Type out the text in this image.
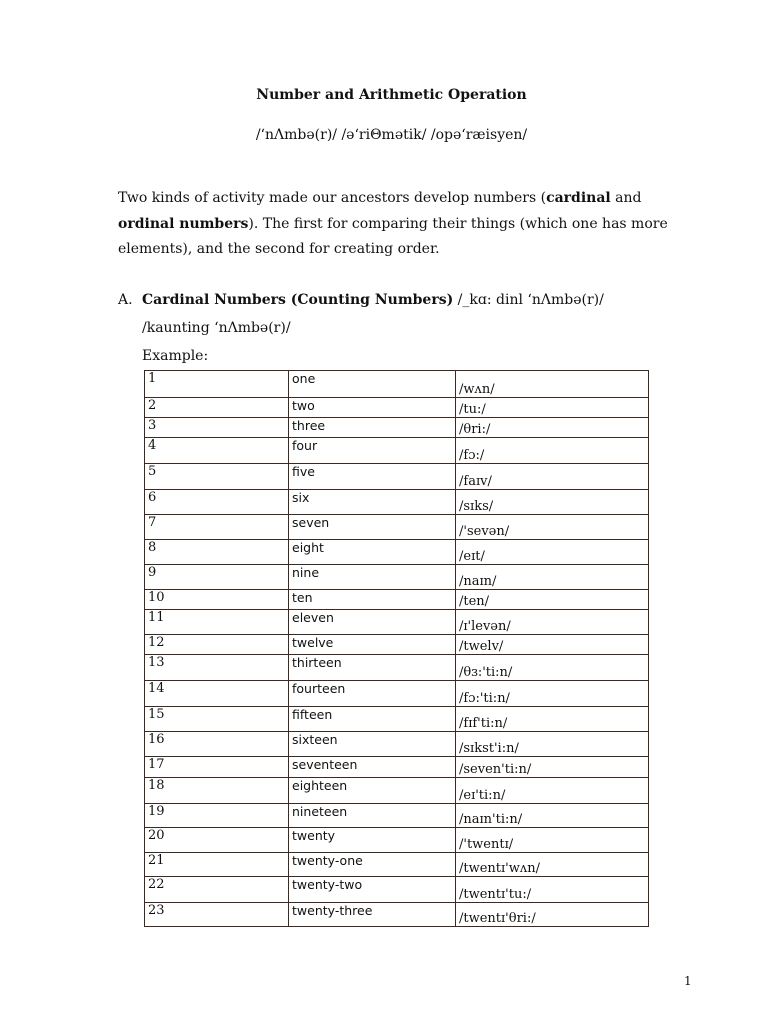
Number and Arithmetic Operation
/‘nΛmbə(r)/ /ə‘riΘmətik/ /opə‘ræisyen/
Two kinds of activity made our ancestors develop numbers (cardinal and ordinal numbers). The first for comparing their things (which one has more elements), and the second for creating order.
A. Cardinal Numbers (Counting Numbers) /_kɑ: dinl ‘nΛmbə(r)/
/kaunting ‘nΛmbə(r)/
Example:
1	one	/wʌn/
2	two	/tu:/
3	three	/θri:/
4	four	/fɔ:/
5	five	/faɪv/
6	six	/sɪks/
7	seven	/'sevən/
8	eight	/eɪt/
9	nine	/naɪn/
10	ten	/ten/
11	eleven	/ɪ'levən/
12	twelve	/twelv/
13	thirteen	/θɜ:'ti:n/
14	fourteen	/fɔ:'ti:n/
15	fifteen	/fɪf'ti:n/
16	sixteen	/sɪkst'i:n/
17	seventeen	/seven'ti:n/
18	eighteen	/eɪ'ti:n/
19	nineteen	/naɪn'ti:n/
20	twenty	/'twentɪ/
21	twenty-one	/twentɪ'wʌn/
22	twenty-two	/twentɪ'tu:/
23	twenty-three	/twentɪ'θri:/
1
